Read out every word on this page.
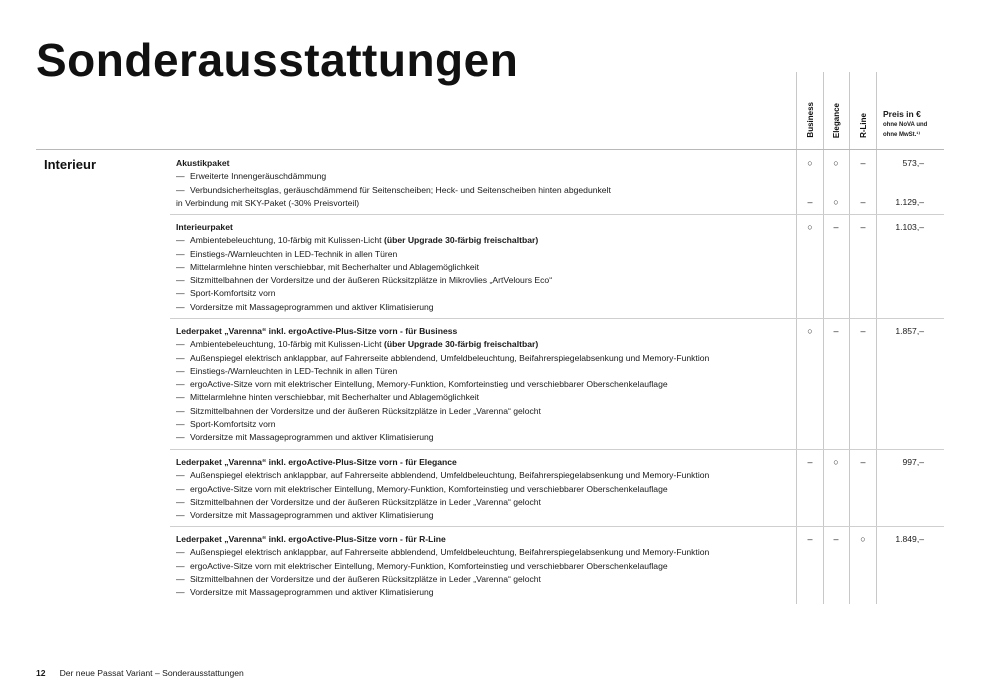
Sonderausstattungen
Business Elegance R-Line Preis in €
ohne NoVA und
ohne MwSt.¹⁾
Interieur	Akustikpaket
— Erweiterte Innengeräuschdämmung
— Verbundsicherheitsglas, geräuschdämmend für Seitenscheiben; Heck- und Seitenscheiben hinten abgedunkelt
in Verbindung mit SKY-Paket (-30% Preisvorteil)
○	○	–	573,–
–	○	–	1.129,–
Interieurpaket
— Ambientebeleuchtung, 10-färbig mit Kulissen-Licht (über Upgrade 30-färbig freischaltbar)
— Einstiegs-/Warnleuchten in LED-Technik in allen Türen
— Mittelarmlehne hinten verschiebbar, mit Becherhalter und Ablagemöglichkeit
— Sitzmittelbahnen der Vordersitze und der äußeren Rücksitzplätze in Mikrovlies „ArtVelours Eco“
— Sport-Komfortsitz vorn
— Vordersitze mit Massageprogrammen und aktiver Klimatisierung
○	–	–	1.103,–
Lederpaket „Varenna“ inkl. ergoActive-Plus-Sitze vorn - für Business
— Ambientebeleuchtung, 10-färbig mit Kulissen-Licht (über Upgrade 30-färbig freischaltbar)
— Außenspiegel elektrisch anklappbar, auf Fahrerseite abblendend, Umfeldbeleuchtung, Beifahrerspiegelabsenkung und Memory-Funktion
— Einstiegs-/Warnleuchten in LED-Technik in allen Türen
— ergoActive-Sitze vorn mit elektrischer Eintellung, Memory-Funktion, Komforteinstieg und verschiebbarer Oberschenkelauflage
— Mittelarmlehne hinten verschiebbar, mit Becherhalter und Ablagemöglichkeit
— Sitzmittelbahnen der Vordersitze und der äußeren Rücksitzplätze in Leder „Varenna“ gelocht
— Sport-Komfortsitz vorn
— Vordersitze mit Massageprogrammen und aktiver Klimatisierung
○	–	–	1.857,–
Lederpaket „Varenna“ inkl. ergoActive-Plus-Sitze vorn - für Elegance
— Außenspiegel elektrisch anklappbar, auf Fahrerseite abblendend, Umfeldbeleuchtung, Beifahrerspiegelabsenkung und Memory-Funktion
— ergoActive-Sitze vorn mit elektrischer Eintellung, Memory-Funktion, Komforteinstieg und verschiebbarer Oberschenkelauflage
— Sitzmittelbahnen der Vordersitze und der äußeren Rücksitzplätze in Leder „Varenna“ gelocht
— Vordersitze mit Massageprogrammen und aktiver Klimatisierung
–	○	–	997,–
Lederpaket „Varenna“ inkl. ergoActive-Plus-Sitze vorn - für R-Line
— Außenspiegel elektrisch anklappbar, auf Fahrerseite abblendend, Umfeldbeleuchtung, Beifahrerspiegelabsenkung und Memory-Funktion
— ergoActive-Sitze vorn mit elektrischer Eintellung, Memory-Funktion, Komforteinstieg und verschiebbarer Oberschenkelauflage
— Sitzmittelbahnen der Vordersitze und der äußeren Rücksitzplätze in Leder „Varenna“ gelocht
— Vordersitze mit Massageprogrammen und aktiver Klimatisierung
–	–	○	1.849,–
12 Der neue Passat Variant – Sonderausstattungen
